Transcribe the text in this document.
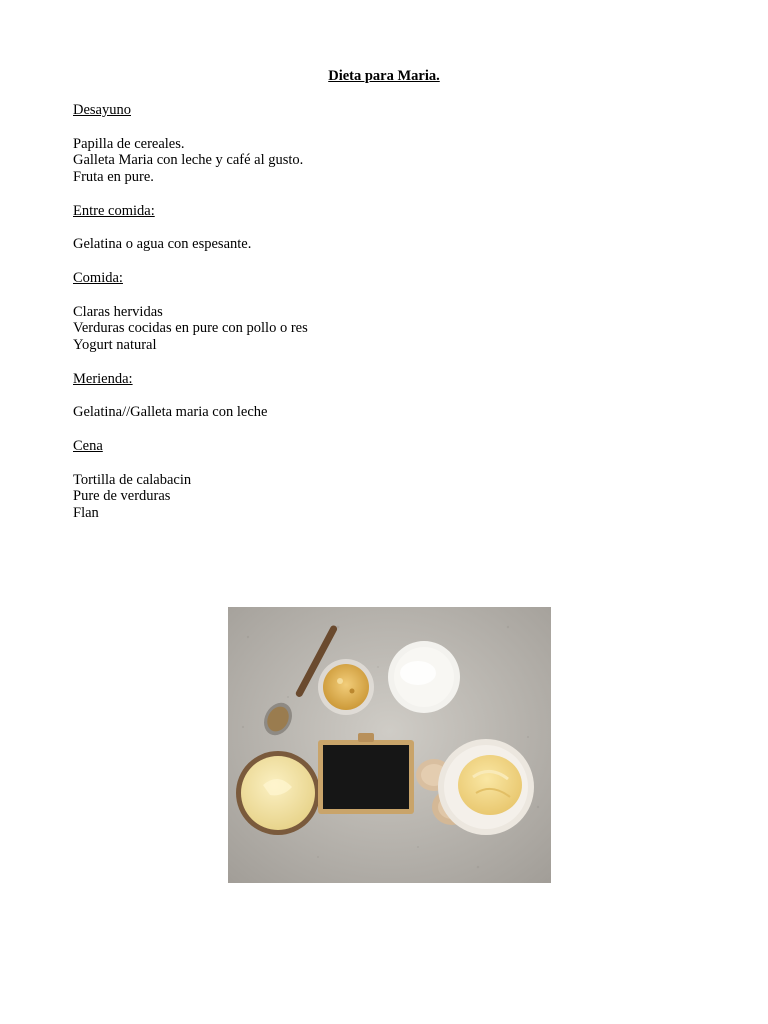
Dieta para Maria.

Desayuno

Papilla de cereales.

Galleta Maria con leche y café al gusto.

Fruta en pure.

Entre comida:

Gelatina o agua con espesante.

Comida:

Claras hervidas

Verduras cocidas en pure con pollo o res

Yogurt natural

Merienda:

Gelatina//Galleta maria con leche

Cena

Tortilla de calabacin

Pure de verduras

Flan
